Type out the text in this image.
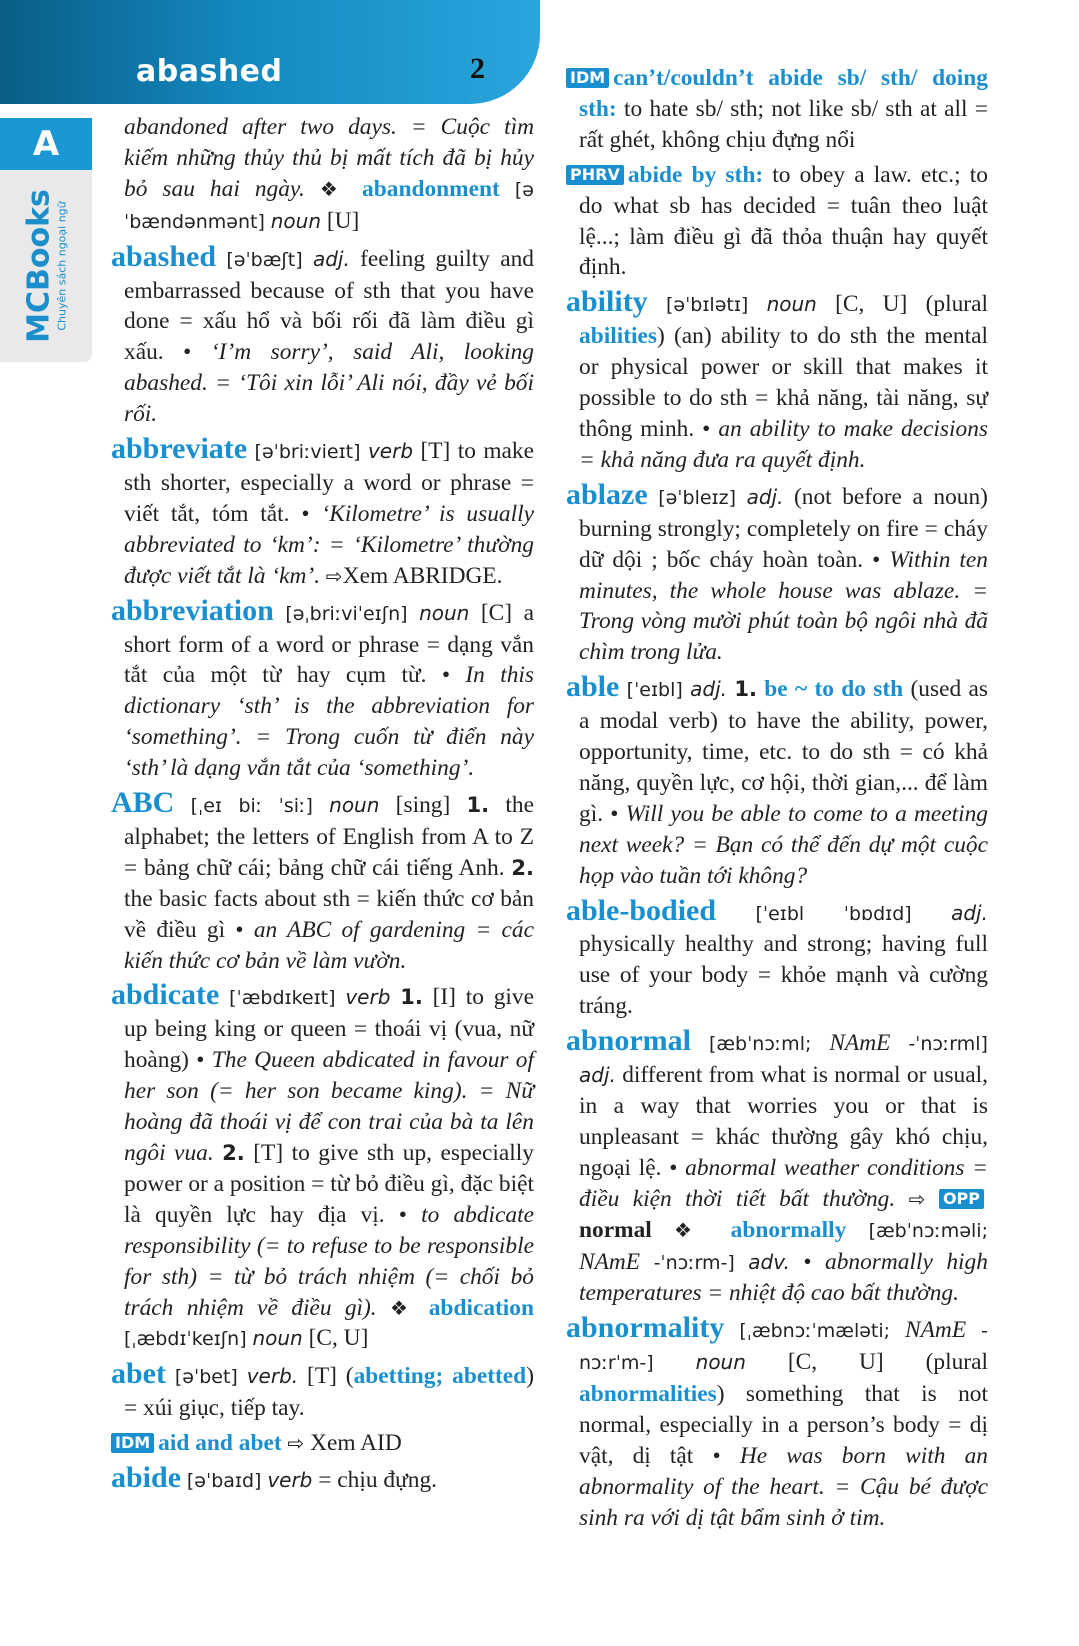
abashed	2
A
MCBooks Chuyên sách ngoại ngữ

abandoned after two days. = Cuộc tìm kiếm những thủy thủ bị mất tích đã bị hủy bỏ sau hai ngày. ❖ abandonment [əˈbændənmənt] noun [U]

abashed [əˈbæʃt] adj. feeling guilty and embarrassed because of sth that you have done = xấu hổ và bối rối đã làm điều gì xấu. • ‘I’m sorry’, said Ali, looking abashed. = ‘Tôi xin lỗi’ Ali nói, đầy vẻ bối rối.

abbreviate [əˈbriːvieɪt] verb [T] to make sth shorter, especially a word or phrase = viết tắt, tóm tắt. • ‘Kilometre’ is usually abbreviated to ‘km’: = ‘Kilometre’ thường được viết tắt là ‘km’. ⇨Xem ABRIDGE.

abbreviation [əˌbriːviˈeɪʃn] noun [C] a short form of a word or phrase = dạng vắn tắt của một từ hay cụm từ. • In this dictionary ‘sth’ is the abbreviation for ‘something’. = Trong cuốn từ điển này ‘sth’ là dạng vắn tắt của ‘something’.

ABC [ˌeɪ biː ˈsiː] noun [sing] 1. the alphabet; the letters of English from A to Z = bảng chữ cái; bảng chữ cái tiếng Anh. 2. the basic facts about sth = kiến thức cơ bản về điều gì • an ABC of gardening = các kiến thức cơ bản về làm vườn.

abdicate [ˈæbdɪkeɪt] verb 1. [I] to give up being king or queen = thoái vị (vua, nữ hoàng) • The Queen abdicated in favour of her son (= her son became king). = Nữ hoàng đã thoái vị để con trai của bà ta lên ngôi vua. 2. [T] to give sth up, especially power or a position = từ bỏ điều gì, đặc biệt là quyền lực hay địa vị. • to abdicate responsibility (= to refuse to be responsible for sth) = từ bỏ trách nhiệm (= chối bỏ trách nhiệm về điều gì). ❖ abdication [ˌæbdɪˈkeɪʃn] noun [C, U]

abet [əˈbet] verb. [T] (abetting; abetted) = xúi giục, tiếp tay.

IDM aid and abet ⇨ Xem AID

abide [əˈbaɪd] verb = chịu đựng.

IDM can’t/couldn’t abide sb/ sth/ doing sth: to hate sb/ sth; not like sb/ sth at all = rất ghét, không chịu đựng nổi

PHRV abide by sth: to obey a law. etc.; to do what sb has decided = tuân theo luật lệ...; làm điều gì đã thỏa thuận hay quyết định.

ability [əˈbɪlətɪ] noun [C, U] (plural abilities) (an) ability to do sth the mental or physical power or skill that makes it possible to do sth = khả năng, tài năng, sự thông minh. • an ability to make decisions = khả năng đưa ra quyết định.

ablaze [əˈbleɪz] adj. (not before a noun) burning strongly; completely on fire = cháy dữ dội ; bốc cháy hoàn toàn. • Within ten minutes, the whole house was ablaze. = Trong vòng mười phút toàn bộ ngôi nhà đã chìm trong lửa.

able [ˈeɪbl] adj. 1. be ~ to do sth (used as a modal verb) to have the ability, power, opportunity, time, etc. to do sth = có khả năng, quyền lực, cơ hội, thời gian,... để làm gì. • Will you be able to come to a meeting next week? = Bạn có thể đến dự một cuộc họp vào tuần tới không?

able-bodied [ˈeɪbl ˈbɒdɪd] adj. physically healthy and strong; having full use of your body = khỏe mạnh và cường tráng.

abnormal [æbˈnɔːml; NAmE -ˈnɔːrml] adj. different from what is normal or usual, in a way that worries you or that is unpleasant = khác thường gây khó chịu, ngoại lệ. • abnormal weather conditions = điều kiện thời tiết bất thường. ⇨ OPPnormal ❖ abnormally [æbˈnɔːməli; NAmE -ˈnɔːrm-] adv. • abnormally high temperatures = nhiệt độ cao bất thường.

abnormality [ˌæbnɔːˈmæləti; NAmE -nɔːrˈm-] noun [C, U] (plural abnormalities) something that is not normal, especially in a person’s body = dị vật, dị tật • He was born with an abnormality of the heart. = Cậu bé được sinh ra với dị tật bẩm sinh ở tim.
